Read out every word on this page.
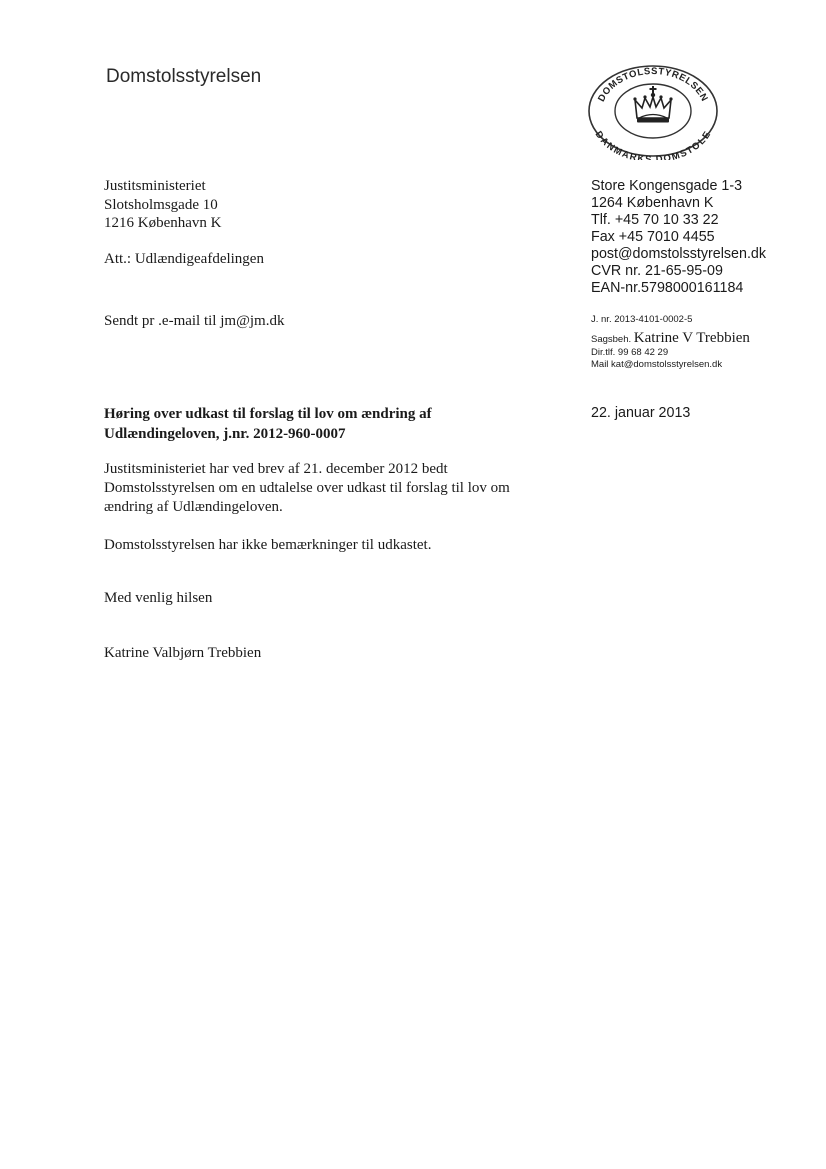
Domstolsstyrelsen
DOMSTOLSSTYRELSEN
DANMARKS DOMSTOLE
Justitsministeriet
Slotsholmsgade 10
1216 København K
Att.: Udlændigeafdelingen
Sendt pr .e-mail til jm@jm.dk
Store Kongensgade 1-3
1264 København K
Tlf. +45 70 10 33 22
Fax +45 7010 4455
post@domstolsstyrelsen.dk
CVR nr. 21-65-95-09
EAN-nr.5798000161184
J. nr. 2013-4101-0002-5
Sagsbeh. Katrine V Trebbien
Dir.tlf. 99 68 42 29
Mail kat@domstolsstyrelsen.dk
22. januar 2013
Høring over udkast til forslag til lov om ændring af
Udlændingeloven, j.nr. 2012-960-0007
Justitsministeriet har ved brev af 21. december 2012 bedt
Domstolsstyrelsen om en udtalelse over udkast til forslag til lov om
ændring af Udlændingeloven.
Domstolsstyrelsen har ikke bemærkninger til udkastet.
Med venlig hilsen
Katrine Valbjørn Trebbien
